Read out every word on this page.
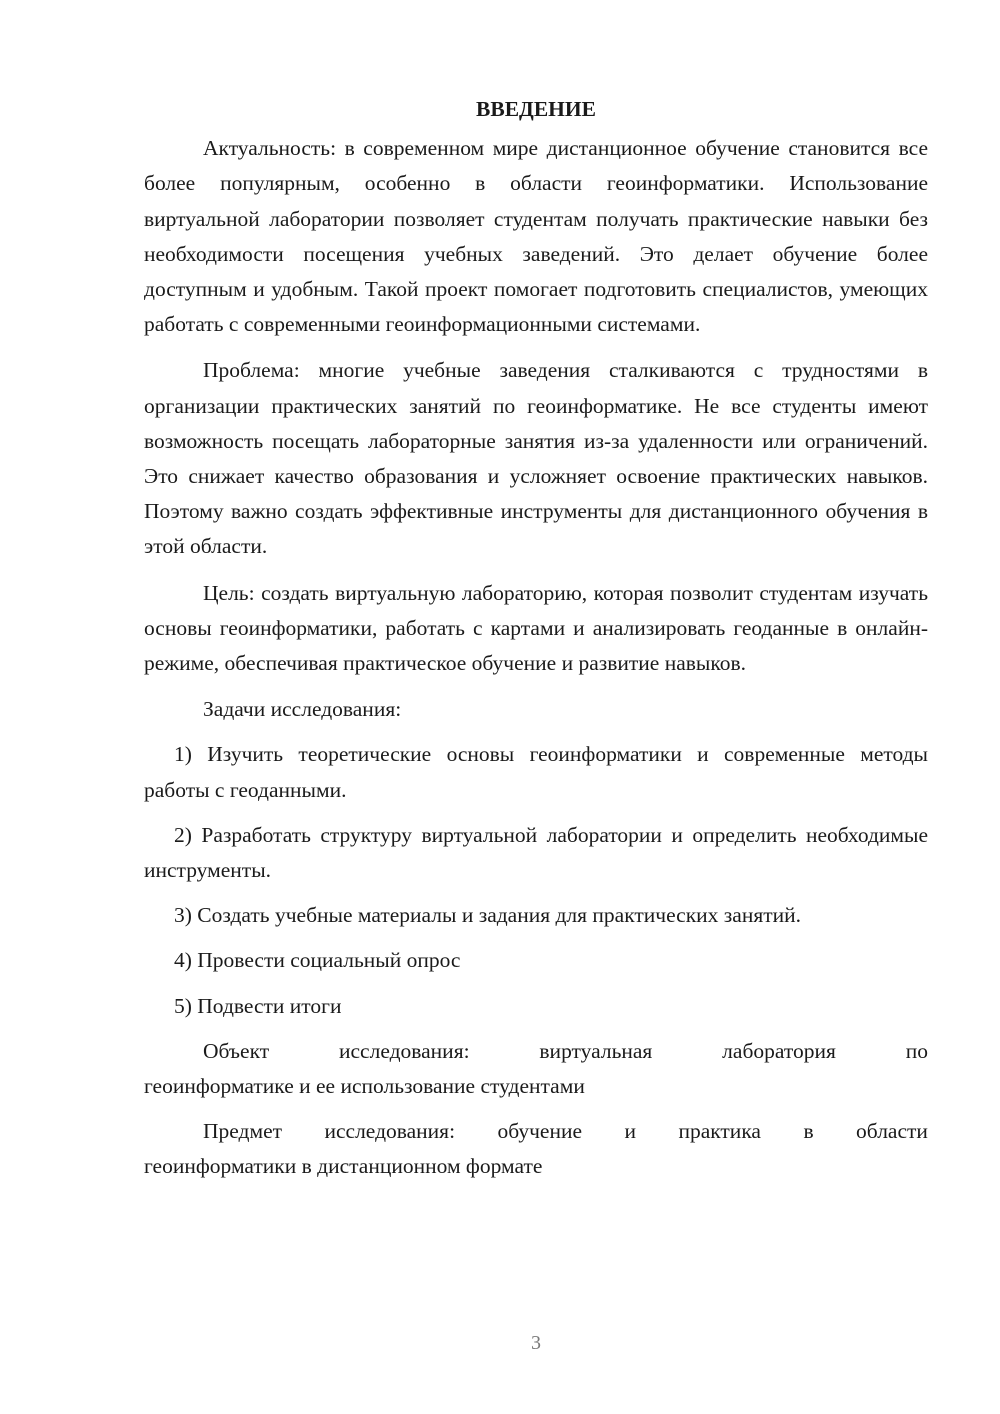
ВВЕДЕНИЕ

Актуальность: в современном мире дистанционное обучение становится все более популярным, особенно в области геоинформатики. Использование виртуальной лаборатории позволяет студентам получать практические навыки без необходимости посещения учебных заведений. Это делает обучение более доступным и удобным. Такой проект помогает подготовить специалистов, умеющих работать с современными геоинформационными системами.

Проблема: многие учебные заведения сталкиваются с трудностями в организации практических занятий по геоинформатике. Не все студенты имеют возможность посещать лабораторные занятия из-за удаленности или ограничений. Это снижает качество образования и усложняет освоение практических навыков. Поэтому важно создать эффективные инструменты для дистанционного обучения в этой области.

Цель: создать виртуальную лабораторию, которая позволит студентам изучать основы геоинформатики, работать с картами и анализировать геоданные в онлайн-режиме, обеспечивая практическое обучение и развитие навыков.

Задачи исследования:

1) Изучить теоретические основы геоинформатики и современные методы работы с геоданными.

2) Разработать структуру виртуальной лаборатории и определить необходимые инструменты.

3) Создать учебные материалы и задания для практических занятий.

4) Провести социальный опрос

5) Подвести итоги

Объект	исследования:	виртуальная	лаборатория	по
геоинформатике и ее использование студентами
Предмет исследования: обучение и практика в области
геоинформатики в дистанционном формате
3
